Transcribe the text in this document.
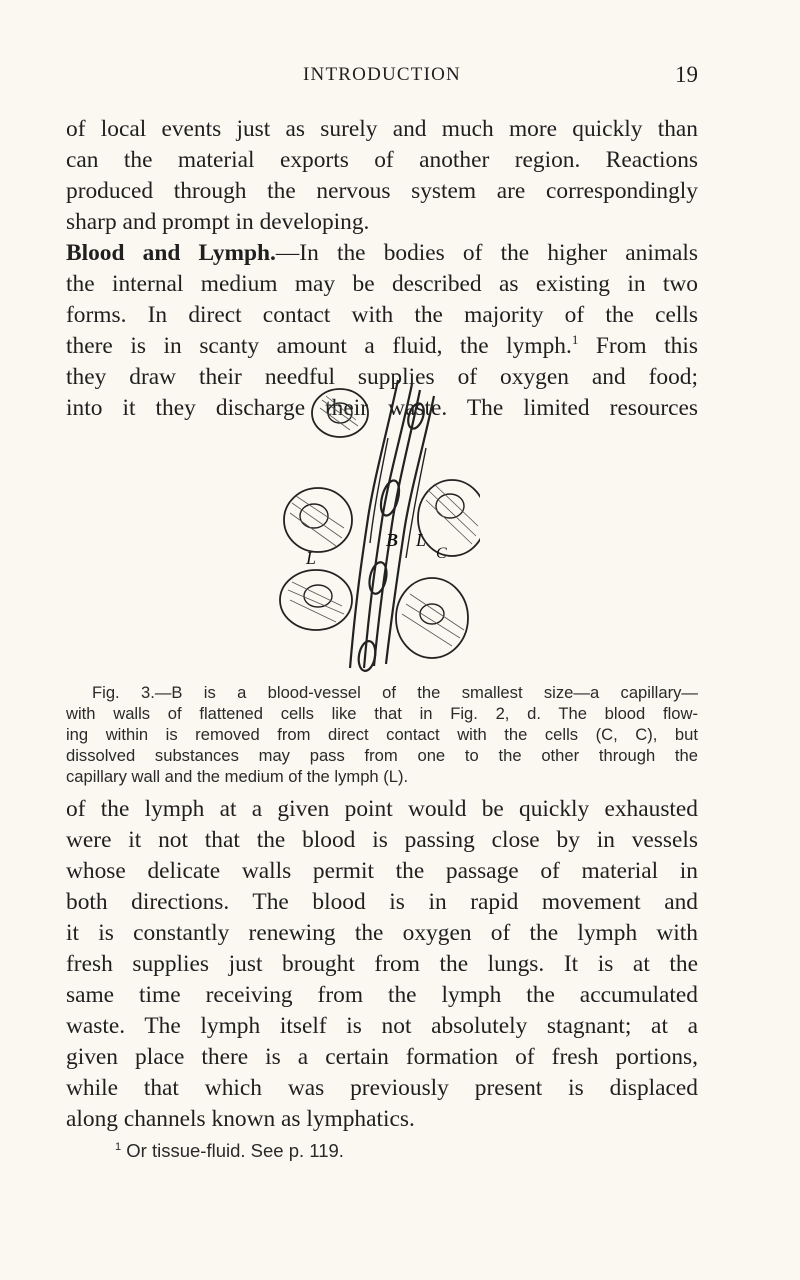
INTRODUCTION	19
of local events just as surely and much more quickly than
can the material exports of another region. Reactions
produced through the nervous system are correspondingly
sharp and prompt in developing.
Blood and Lymph.—In the bodies of the higher animals
the internal medium may be described as existing in two
forms. In direct contact with the majority of the cells
there is in scanty amount a fluid, the lymph.$^1$ From this
they draw their needful supplies of oxygen and food;
into it they discharge their waste. The limited resources
B
L
L
C
Fig. 3.—B is a blood-vessel of the smallest size—a capillary—
with walls of flattened cells like that in Fig. 2, d. The blood flow-
ing within is removed from direct contact with the cells (C, C), but
dissolved substances may pass from one to the other through the
capillary wall and the medium of the lymph (L).
of the lymph at a given point would be quickly exhausted
were it not that the blood is passing close by in vessels
whose delicate walls permit the passage of material in
both directions. The blood is in rapid movement and
it is constantly renewing the oxygen of the lymph with
fresh supplies just brought from the lungs. It is at the
same time receiving from the lymph the accumulated
waste. The lymph itself is not absolutely stagnant; at a
given place there is a certain formation of fresh portions,
while that which was previously present is displaced
along channels known as lymphatics.
$^1$ Or tissue-fluid. See p. 119.
